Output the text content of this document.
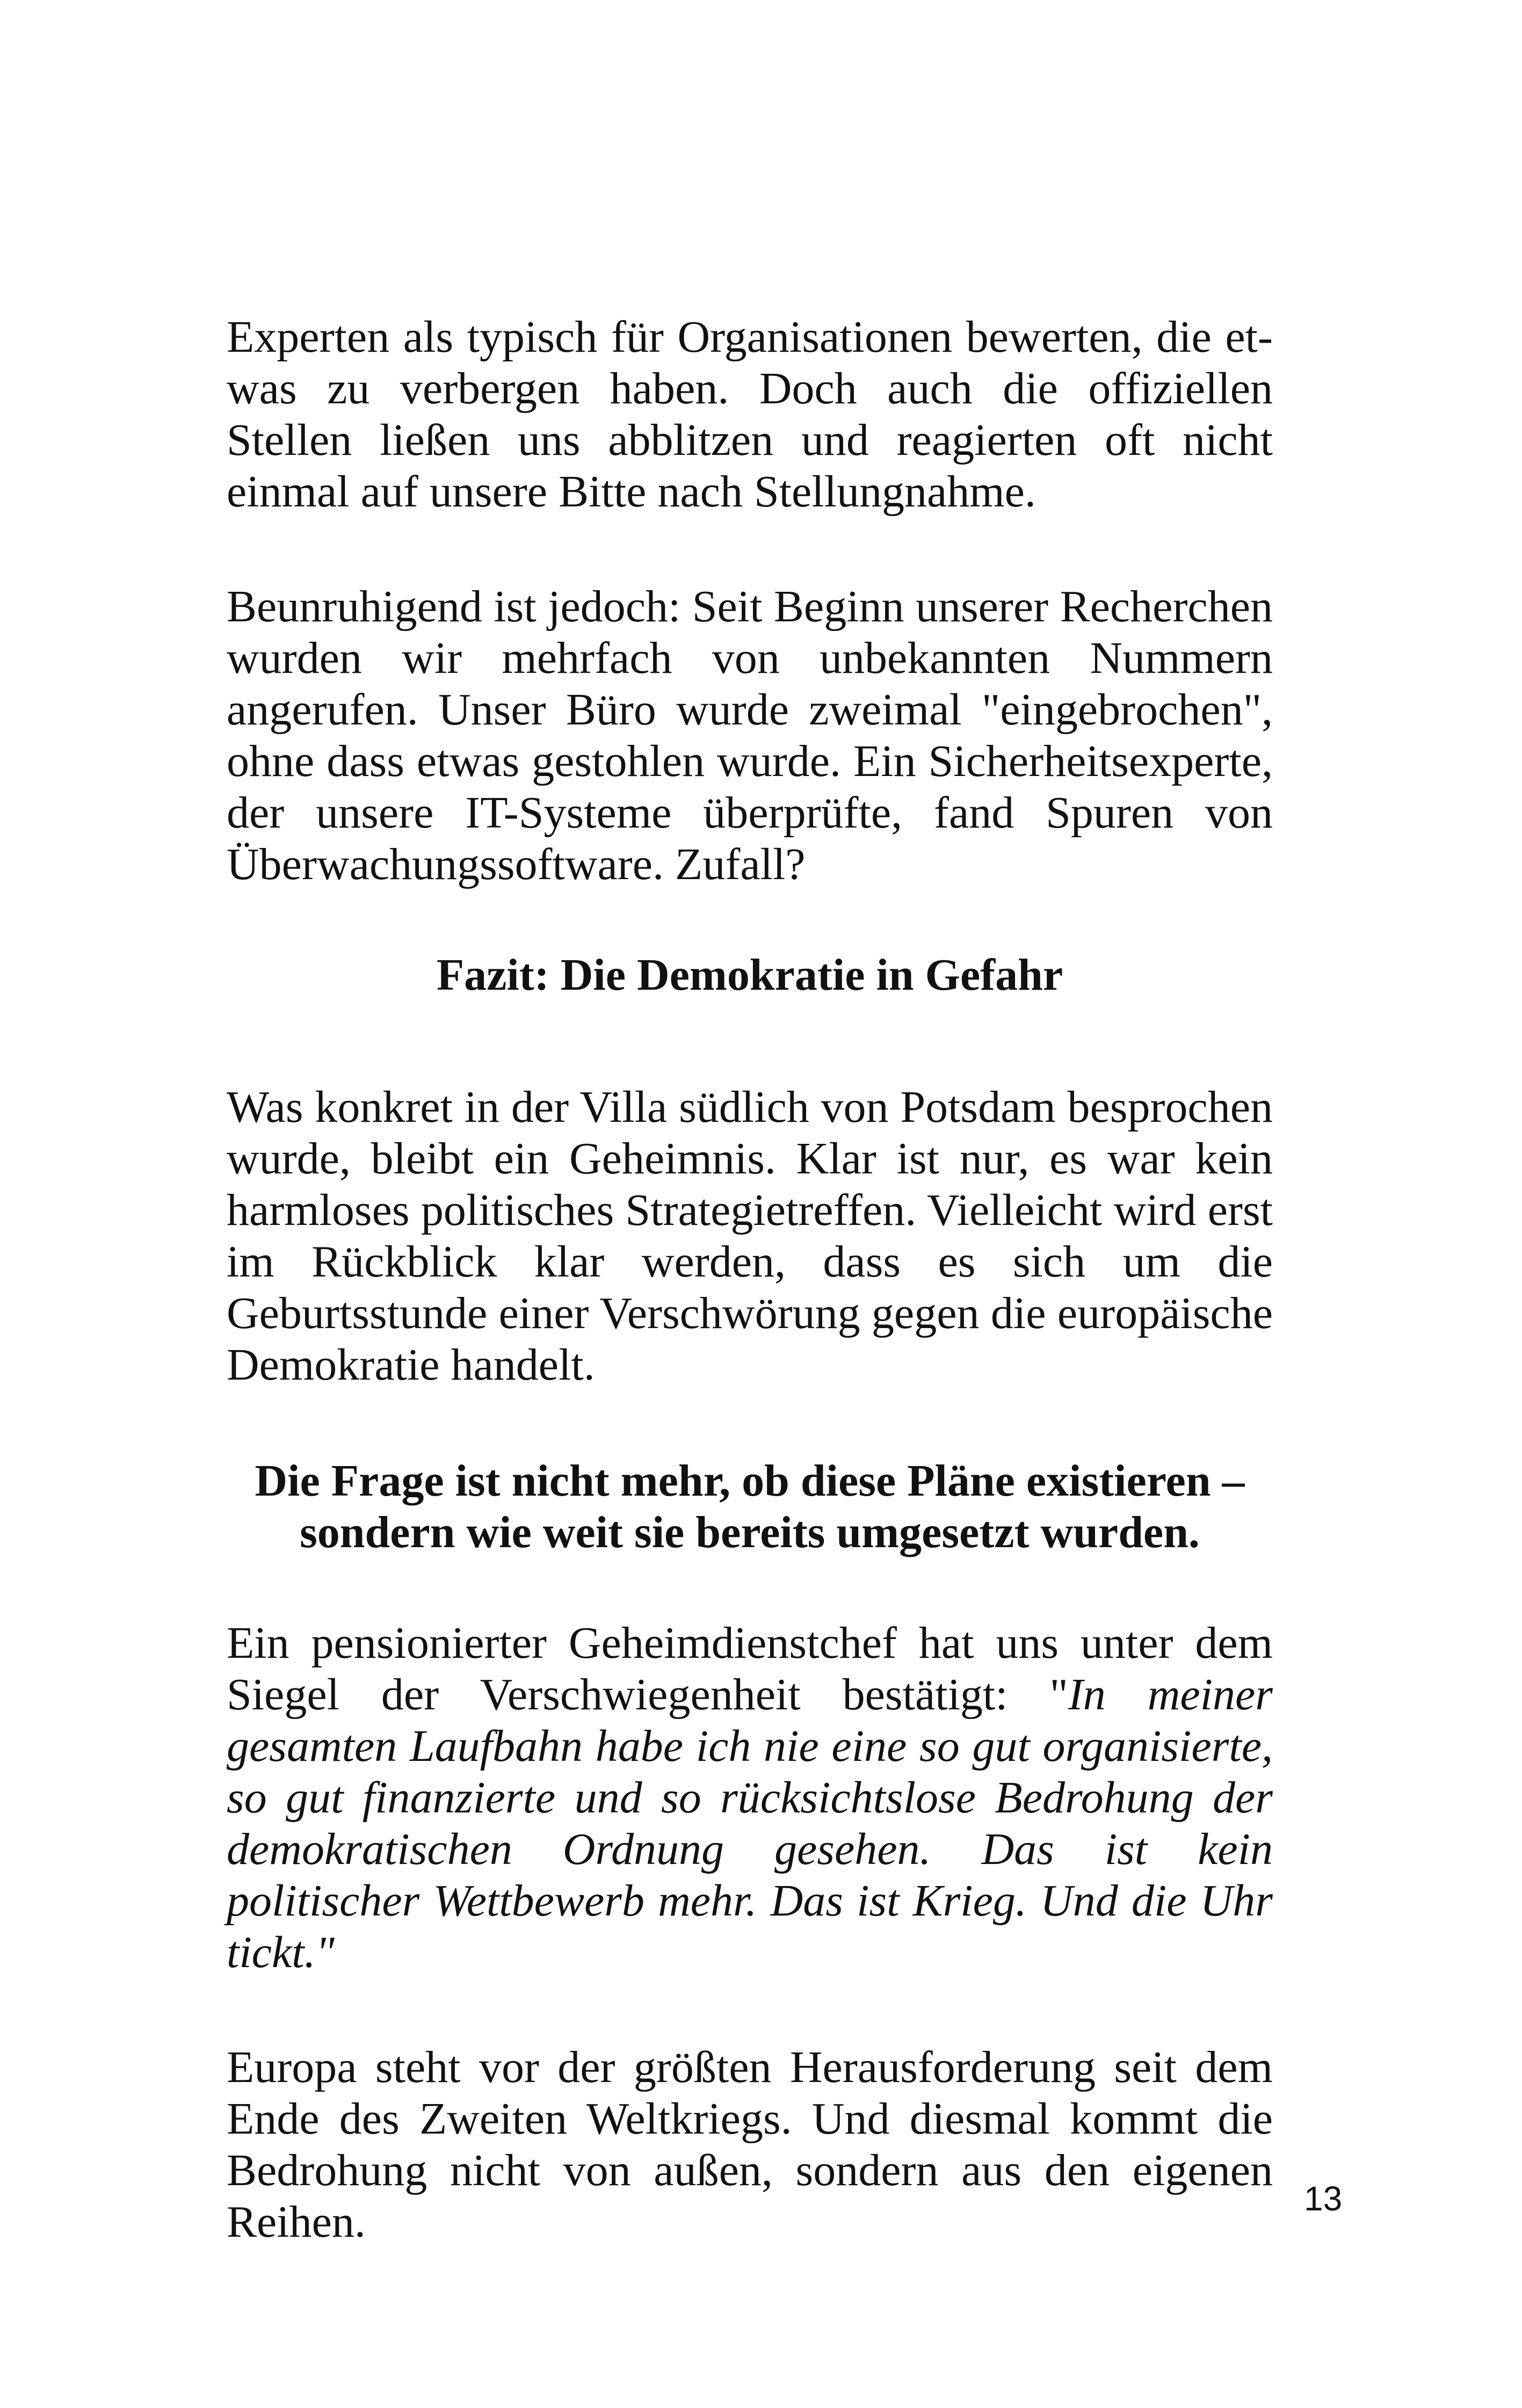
Experten als typisch für Organisationen bewerten, die etwas zu verbergen haben. Doch auch die offiziellen Stellen ließen uns abblitzen und reagierten oft nicht einmal auf unsere Bitte nach Stellungnahme.

Beunruhigend ist jedoch: Seit Beginn unserer Recherchen wurden wir mehrfach von unbekannten Nummern angerufen. Unser Büro wurde zweimal "eingebrochen", ohne dass etwas gestohlen wurde. Ein Sicherheitsexperte, der unsere IT-Systeme überprüfte, fand Spuren von Überwachungssoftware. Zufall?

Fazit: Die Demokratie in Gefahr

Was konkret in der Villa südlich von Potsdam besprochen wurde, bleibt ein Geheimnis. Klar ist nur, es war kein harmloses politisches Strategietreffen. Vielleicht wird erst im Rückblick klar werden, dass es sich um die Geburtsstunde einer Verschwörung gegen die europäische Demokratie handelt.

Die Frage ist nicht mehr, ob diese Pläne existieren –
sondern wie weit sie bereits umgesetzt wurden.

Ein pensionierter Geheimdienstchef hat uns unter dem Siegel der Verschwiegenheit bestätigt: "In meiner gesamten Laufbahn habe ich nie eine so gut organisierte, so gut finanzierte und so rücksichtslose Bedrohung der demokratischen Ordnung gesehen. Das ist kein politischer Wettbewerb mehr. Das ist Krieg. Und die Uhr tickt."

Europa steht vor der größten Herausforderung seit dem Ende des Zweiten Weltkriegs. Und diesmal kommt die Bedrohung nicht von außen, sondern aus den eigenen Reihen.	13
